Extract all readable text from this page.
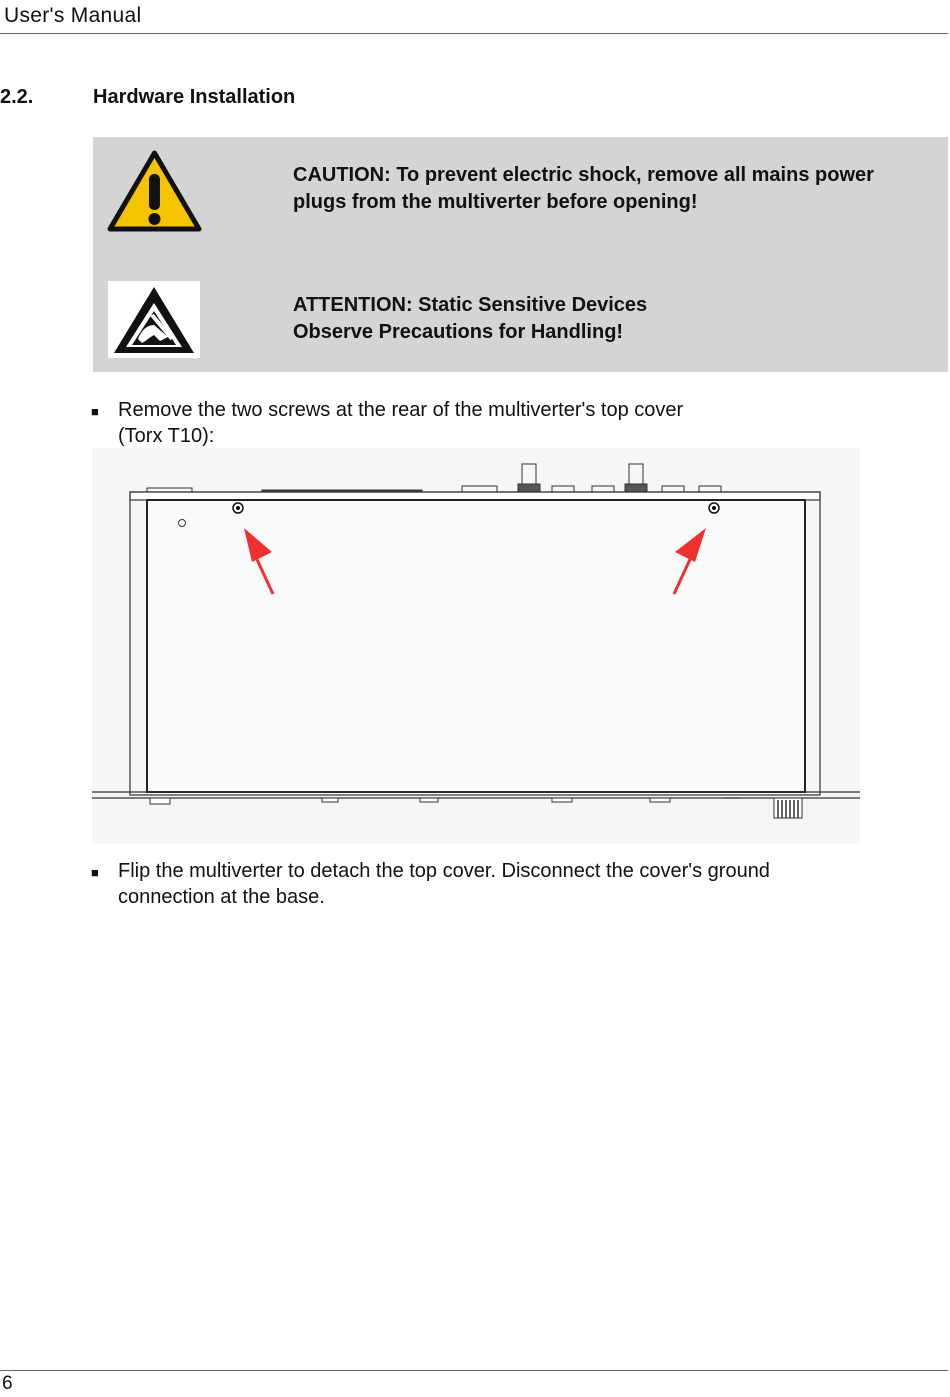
User's Manual
2.2.	Hardware Installation
CAUTION: To prevent electric shock, remove all mains power
plugs from the multiverter before opening!
ATTENTION: Static Sensitive Devices
Observe Precautions for Handling!
■ Remove the two screws at the rear of the multiverter's top cover
(Torx T10):
■ Flip the multiverter to detach the top cover. Disconnect the cover's ground
connection at the base.
6
